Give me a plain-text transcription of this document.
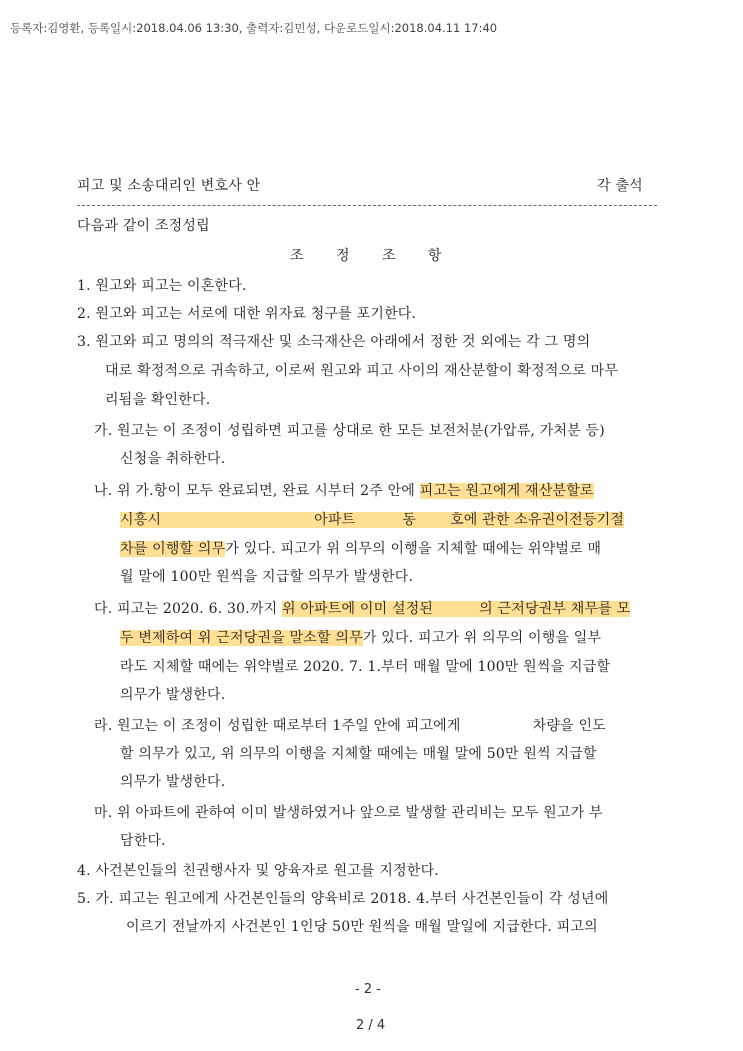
등록자:김영환, 등록일시:2018.04.06 13:30, 출력자:김민성, 다운로드일시:2018.04.11 17:40
피고 및 소송대리인 변호사 안	각 출석
다음과 같이 조정성립
조 정 조 항
1. 원고와 피고는 이혼한다.
2. 원고와 피고는 서로에 대한 위자료 청구를 포기한다.
3. 원고와 피고 명의의 적극재산 및 소극재산은 아래에서 정한 것 외에는 각 그 명의
대로 확정적으로 귀속하고, 이로써 원고와 피고 사이의 재산분할이 확정적으로 마무
리됨을 확인한다.
가. 원고는 이 조정이 성립하면 피고를 상대로 한 모든 보전처분(가압류, 가처분 등)
신청을 취하한다.
나. 위 가.항이 모두 완료되면, 완료 시부터 2주 안에 피고는 원고에게 재산분할로
시흥시	아파트	동 호에 관한 소유권이전등기절
차를 이행할 의무가 있다. 피고가 위 의무의 이행을 지체할 때에는 위약벌로 매
월 말에 100만 원씩을 지급할 의무가 발생한다.
다. 피고는 2020. 6. 30.까지 위 아파트에 이미 설정된	의 근저당권부 채무를 모
두 변제하여 위 근저당권을 말소할 의무가 있다. 피고가 위 의무의 이행을 일부
라도 지체할 때에는 위약벌로 2020. 7. 1.부터 매월 말에 100만 원씩을 지급할
의무가 발생한다.
라. 원고는 이 조정이 성립한 때로부터 1주일 안에 피고에게	차량을 인도
할 의무가 있고, 위 의무의 이행을 지체할 때에는 매월 말에 50만 원씩 지급할
의무가 발생한다.
마. 위 아파트에 관하여 이미 발생하였거나 앞으로 발생할 관리비는 모두 원고가 부
담한다.
4. 사건본인들의 친권행사자 및 양육자로 원고를 지정한다.
5. 가. 피고는 원고에게 사건본인들의 양육비로 2018. 4.부터 사건본인들이 각 성년에
이르기 전날까지 사건본인 1인당 50만 원씩을 매월 말일에 지급한다. 피고의
- 2 -
2 / 4
